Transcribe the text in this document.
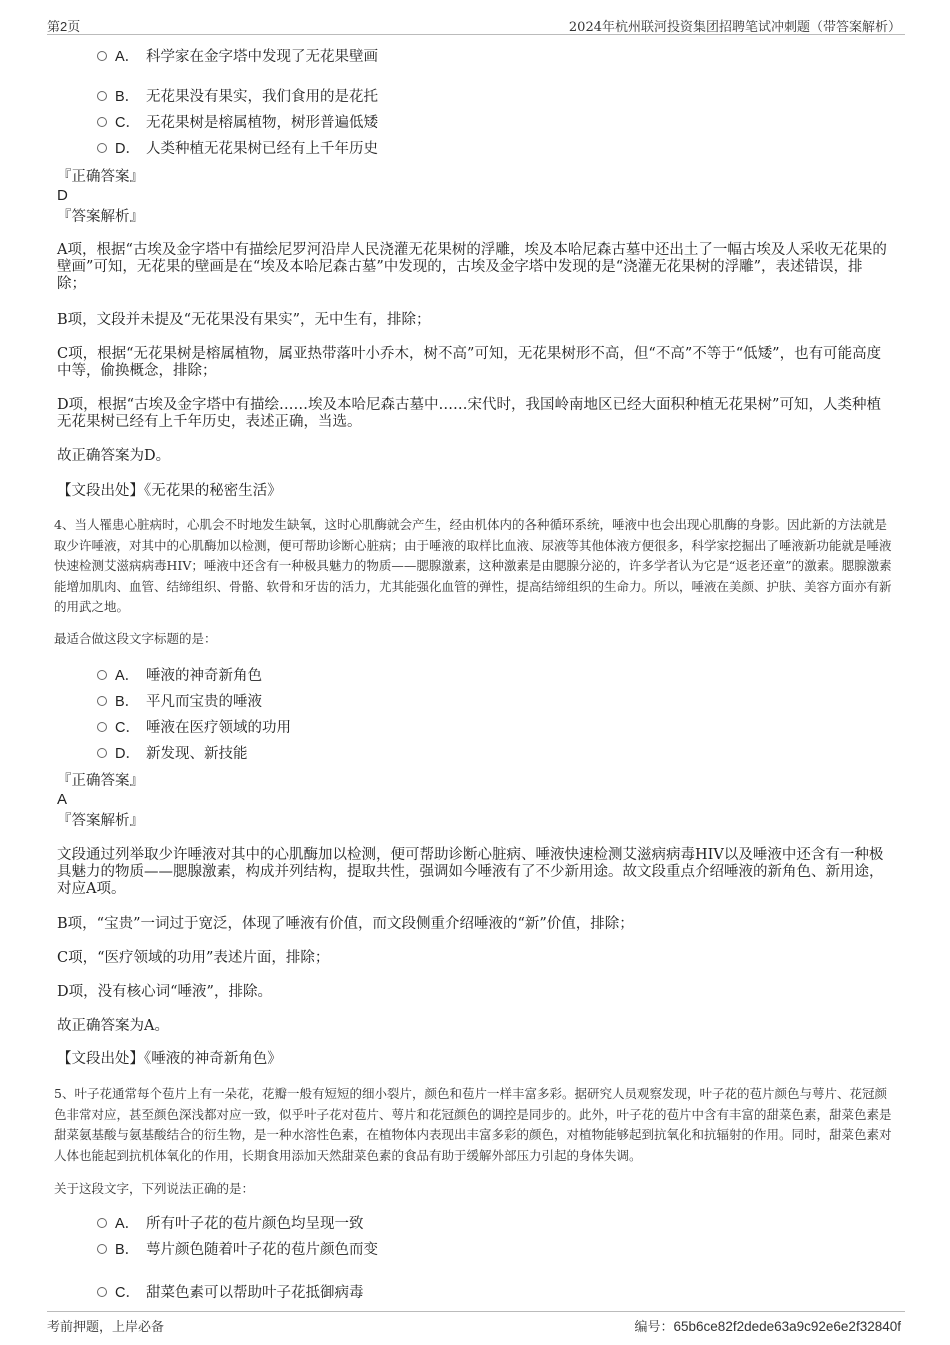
第2页	2024年杭州联河投资集团招聘笔试冲刺题（带答案解析）
A． 科学家在金字塔中发现了无花果壁画
B． 无花果没有果实，我们食用的是花托
C． 无花果树是榕属植物，树形普遍低矮
D． 人类种植无花果树已经有上千年历史
『正确答案』
D
『答案解析』
A项，根据“古埃及金字塔中有描绘尼罗河沿岸人民浇灌无花果树的浮雕，埃及本哈尼森古墓中还出土了一幅古埃及人采收无花果的壁画”可知，无花果的壁画是在“埃及本哈尼森古墓”中发现的，古埃及金字塔中发现的是“浇灌无花果树的浮雕”，表述错误，排除；
B项，文段并未提及“无花果没有果实”，无中生有，排除；
C项，根据“无花果树是榕属植物，属亚热带落叶小乔木，树不高”可知，无花果树形不高，但“不高”不等于“低矮”，也有可能高度中等，偷换概念，排除；
D项，根据“古埃及金字塔中有描绘……埃及本哈尼森古墓中……宋代时，我国岭南地区已经大面积种植无花果树”可知，人类种植无花果树已经有上千年历史，表述正确，当选。
故正确答案为D。
【文段出处】《无花果的秘密生活》
4、当人罹患心脏病时，心肌会不时地发生缺氧，这时心肌酶就会产生，经由机体内的各种循环系统，唾液中也会出现心肌酶的身影。因此新的方法就是取少许唾液，对其中的心肌酶加以检测，便可帮助诊断心脏病；由于唾液的取样比血液、尿液等其他体液方便很多，科学家挖掘出了唾液新功能就是唾液快速检测艾滋病病毒HIV；唾液中还含有一种极具魅力的物质——腮腺激素，这种激素是由腮腺分泌的，许多学者认为它是“返老还童”的激素。腮腺激素能增加肌肉、血管、结缔组织、骨骼、软骨和牙齿的活力，尤其能强化血管的弹性，提高结缔组织的生命力。所以，唾液在美颜、护肤、美容方面亦有新的用武之地。
最适合做这段文字标题的是：
A． 唾液的神奇新角色
B． 平凡而宝贵的唾液
C． 唾液在医疗领域的功用
D． 新发现、新技能
『正确答案』
A
『答案解析』
文段通过列举取少许唾液对其中的心肌酶加以检测，便可帮助诊断心脏病、唾液快速检测艾滋病病毒HIV以及唾液中还含有一种极具魅力的物质——腮腺激素，构成并列结构，提取共性，强调如今唾液有了不少新用途。故文段重点介绍唾液的新角色、新用途，对应A项。
B项，“宝贵”一词过于宽泛，体现了唾液有价值，而文段侧重介绍唾液的“新”价值，排除；
C项，“医疗领域的功用”表述片面，排除；
D项，没有核心词“唾液”，排除。
故正确答案为A。
【文段出处】《唾液的神奇新角色》
5、叶子花通常每个苞片上有一朵花，花瓣一般有短短的细小裂片，颜色和苞片一样丰富多彩。据研究人员观察发现，叶子花的苞片颜色与萼片、花冠颜色非常对应，甚至颜色深浅都对应一致，似乎叶子花对苞片、萼片和花冠颜色的调控是同步的。此外，叶子花的苞片中含有丰富的甜菜色素，甜菜色素是甜菜氨基酸与氨基酸结合的衍生物，是一种水溶性色素，在植物体内表现出丰富多彩的颜色，对植物能够起到抗氧化和抗辐射的作用。同时，甜菜色素对人体也能起到抗机体氧化的作用，长期食用添加天然甜菜色素的食品有助于缓解外部压力引起的身体失调。
关于这段文字，下列说法正确的是：
A． 所有叶子花的苞片颜色均呈现一致
B． 萼片颜色随着叶子花的苞片颜色而变
C． 甜菜色素可以帮助叶子花抵御病毒
考前押题，上岸必备	编号：65b6ce82f2dede63a9c92e6e2f32840f
